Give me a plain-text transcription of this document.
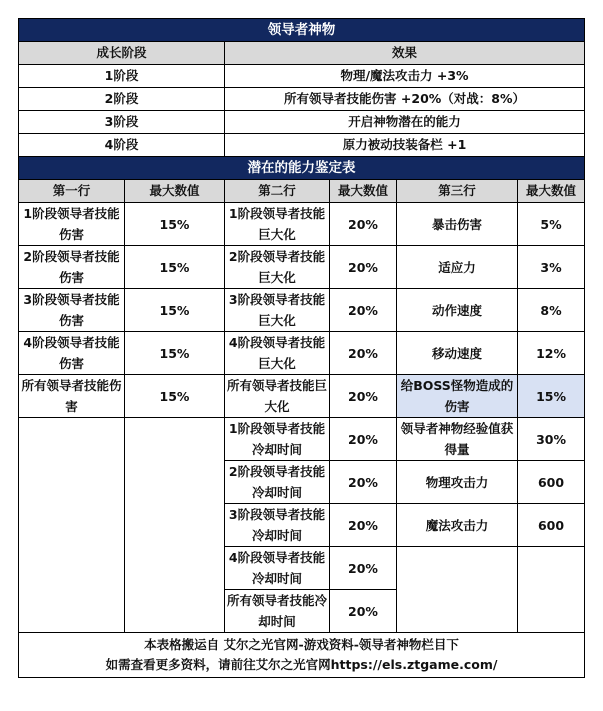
领导者神物					
成长阶段		效果			
1阶段		物理/魔法攻击力 +3%			
2阶段		所有领导者技能伤害 +20%（对战：8%）			
3阶段		开启神物潜在的能力			
4阶段		原力被动技装备栏 +1			
潜在的能力鉴定表					
第一行	最大数值	第二行	最大数值	第三行	最大数值
1阶段领导者技能伤害	15%	1阶段领导者技能巨大化	20%	暴击伤害	5%
2阶段领导者技能伤害	15%	2阶段领导者技能巨大化	20%	适应力	3%
3阶段领导者技能伤害	15%	3阶段领导者技能巨大化	20%	动作速度	8%
4阶段领导者技能伤害	15%	4阶段领导者技能巨大化	20%	移动速度	12%
所有领导者技能伤害	15%	所有领导者技能巨大化	20%	给BOSS怪物造成的伤害	15%
		1阶段领导者技能冷却时间	20%	领导者神物经验值获得量	30%
		2阶段领导者技能冷却时间	20%	物理攻击力	600
		3阶段领导者技能冷却时间	20%	魔法攻击力	600
		4阶段领导者技能冷却时间	20%		
		所有领导者技能冷却时间	20%		
本表格搬运自 艾尔之光官网-游戏资料-领导者神物栏目下 如需查看更多资料，请前往艾尔之光官网https://els.ztgame.com/					
